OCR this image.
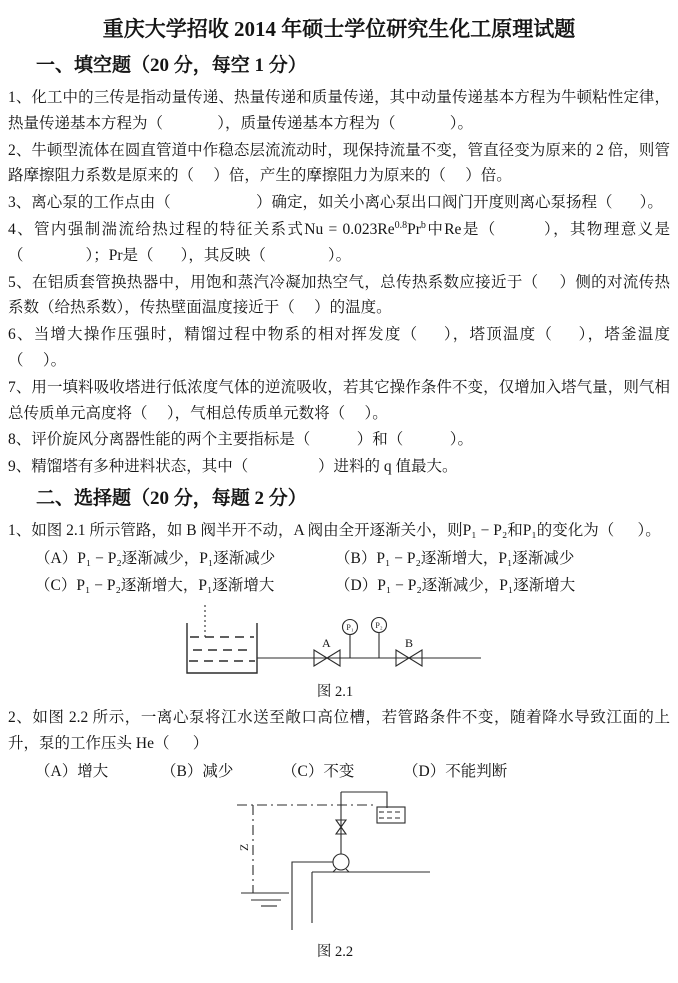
重庆大学招收 2014 年硕士学位研究生化工原理试题
一、填空题（20 分，每空 1 分）

1、化工中的三传是指动量传递、热量传递和质量传递，其中动量传递基本方程为牛顿粘性定律，热量传递基本方程为（              ），质量传递基本方程为（              ）。

2、牛顿型流体在圆直管道中作稳态层流流动时，现保持流量不变，管直径变为原来的 2 倍，则管路摩擦阻力系数是原来的（     ）倍，产生的摩擦阻力为原来的（     ）倍。

3、离心泵的工作点由（                      ）确定，如关小离心泵出口阀门开度则离心泵扬程（       ）。

4、管内强制湍流给热过程的特征关系式$Nu = 0.023Re^{0.8}Pr^b$中Re是（         ），其物理意义是（                ）；Pr是（       ），其反映（                ）。

5、在铝质套管换热器中，用饱和蒸汽冷凝加热空气，总传热系数应接近于（     ）侧的对流传热系数（给热系数），传热壁面温度接近于（     ）的温度。

6、当增大操作压强时，精馏过程中物系的相对挥发度（     ），塔顶温度（     ），塔釜温度（     ）。

7、用一填料吸收塔进行低浓度气体的逆流吸收，若其它操作条件不变，仅增加入塔气量，则气相总传质单元高度将（     ），气相总传质单元数将（     ）。

8、评价旋风分离器性能的两个主要指标是（            ）和（            ）。

9、精馏塔有多种进料状态，其中（                  ）进料的 q 值最大。

二、选择题（20 分，每题 2 分）

1、如图 2.1 所示管路，如 B 阀半开不动，A 阀由全开逐渐关小，则P₁ − P₂和P₁的变化为（      ）。

（A）P₁ − P₂逐渐减少，P₁逐渐减少	（B）P₁ − P₂逐渐增大，P₁逐渐减少
（C）P₁ − P₂逐渐增大，P₁逐渐增大	（D）P₁ − P₂逐渐减少，P₁逐渐增大
A
P₁	P₂
B
图 2.1

2、如图 2.2 所示，一离心泵将江水送至敞口高位槽，若管路条件不变，随着降水导致江面的上升，泵的工作压头 He（      ）

（A）增大	（B）减少	（C）不变	（D）不能判断
Z
图 2.2
